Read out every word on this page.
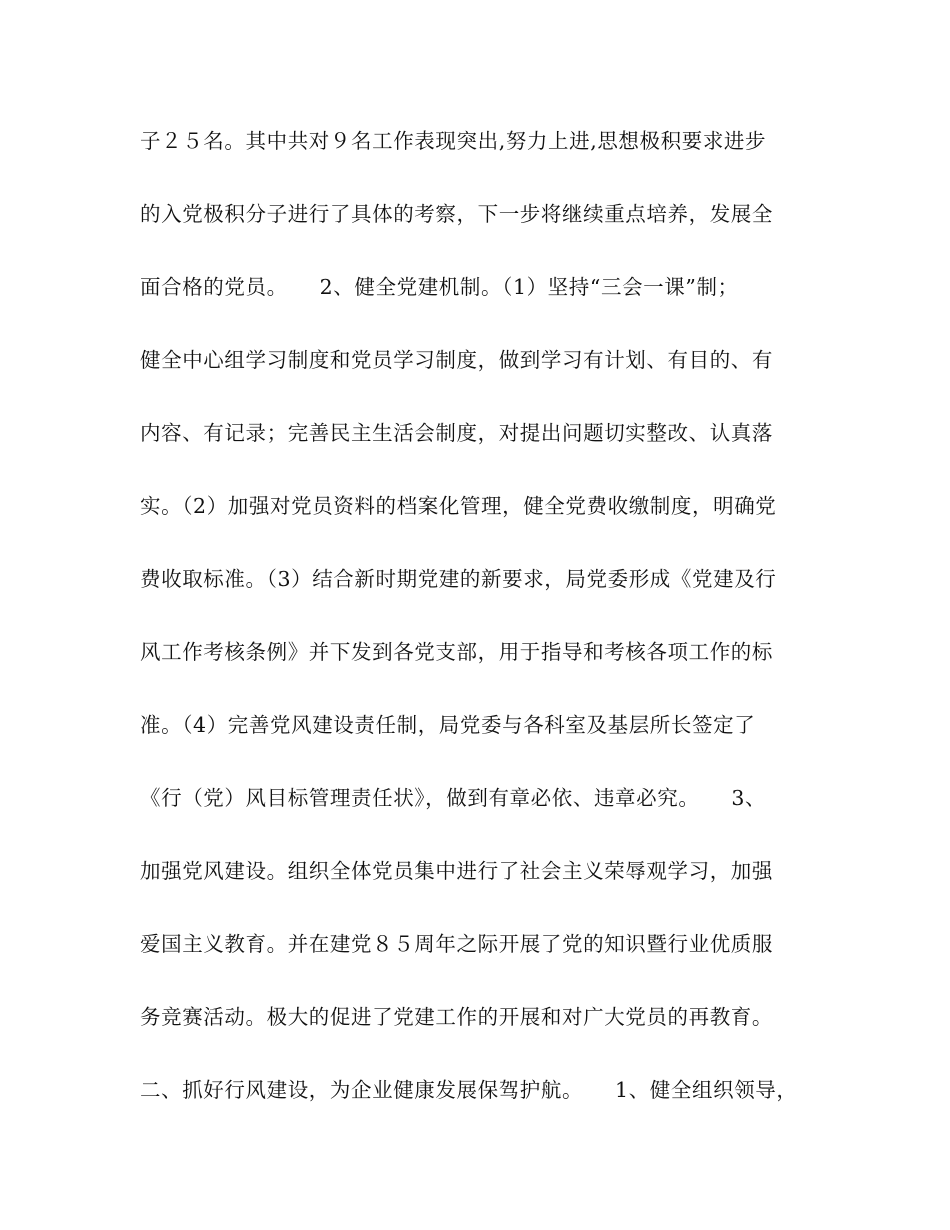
子２５名。其中共对９名工作表现突出,努力上进,思想极积要求进步
的入党极积分子进行了具体的考察，下一步将继续重点培养，发展全
面合格的党员。　　2、健全党建机制。（1）坚持“三会一课”制；
健全中心组学习制度和党员学习制度，做到学习有计划、有目的、有
内容、有记录；完善民主生活会制度，对提出问题切实整改、认真落
实。（2）加强对党员资料的档案化管理，健全党费收缴制度，明确党
费收取标准。（3）结合新时期党建的新要求，局党委形成《党建及行
风工作考核条例》并下发到各党支部，用于指导和考核各项工作的标
准。（4）完善党风建设责任制，局党委与各科室及基层所长签定了
《行（党）风目标管理责任状》，做到有章必依、违章必究。　　3、
加强党风建设。组织全体党员集中进行了社会主义荣辱观学习，加强
爱国主义教育。并在建党８５周年之际开展了党的知识暨行业优质服
务竞赛活动。极大的促进了党建工作的开展和对广大党员的再教育。
二、抓好行风建设，为企业健康发展保驾护航。　　1、健全组织领导，
